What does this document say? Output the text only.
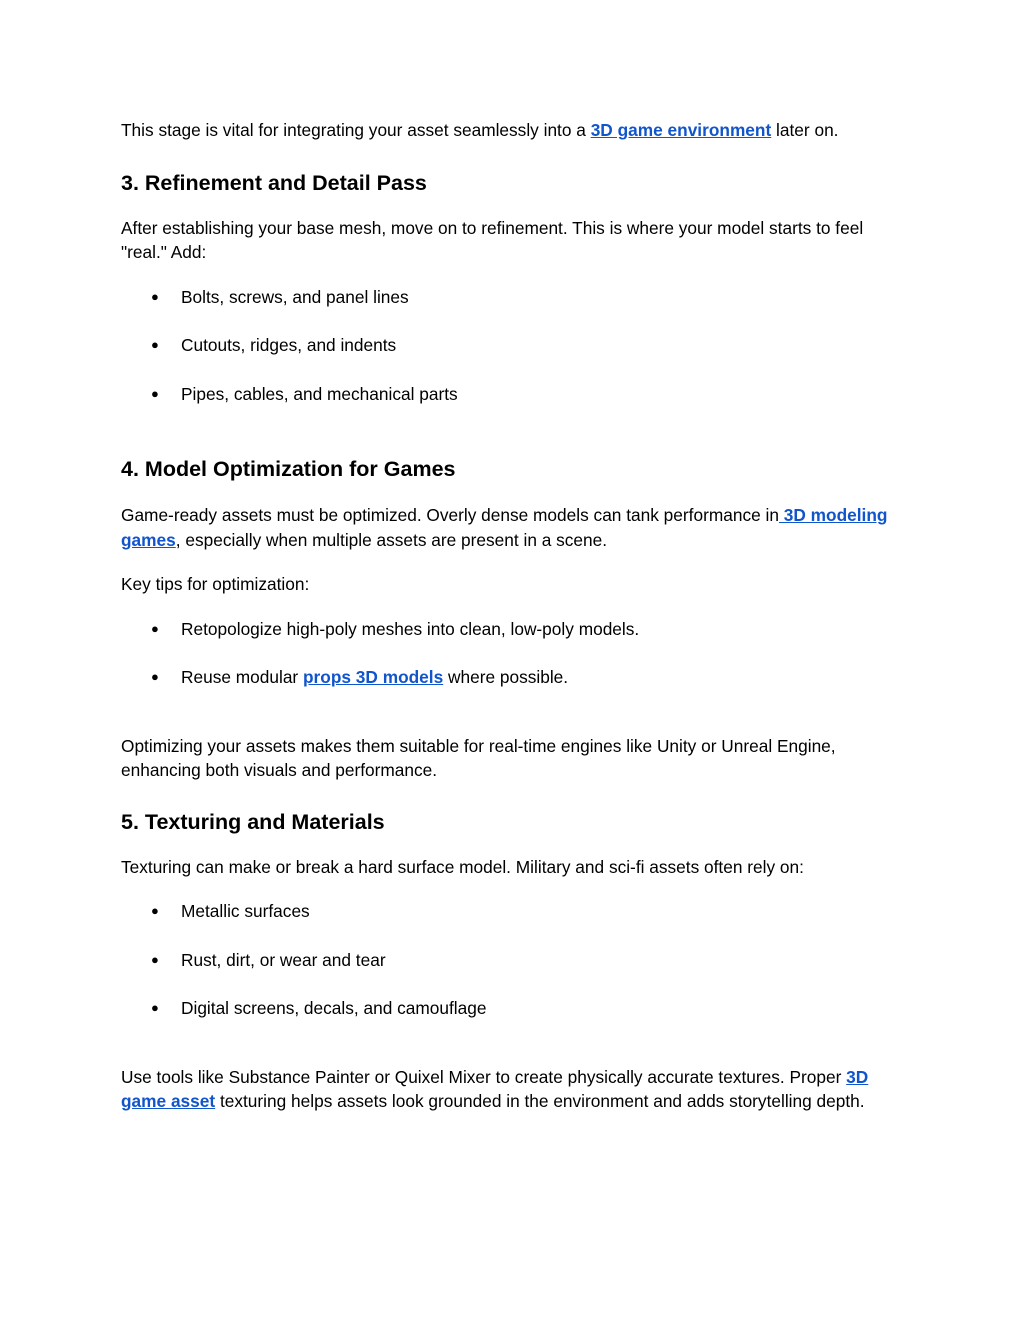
This stage is vital for integrating your asset seamlessly into a 3D game environment later on.

3. Refinement and Detail Pass

After establishing your base mesh, move on to refinement. This is where your model starts to feel "real." Add:

● Bolts, screws, and panel lines
● Cutouts, ridges, and indents
● Pipes, cables, and mechanical parts
4. Model Optimization for Games

Game-ready assets must be optimized. Overly dense models can tank performance in 3D modeling games, especially when multiple assets are present in a scene.

Key tips for optimization:

● Retopologize high-poly meshes into clean, low-poly models.
● Reuse modular props 3D models where possible.

Optimizing your assets makes them suitable for real-time engines like Unity or Unreal Engine, enhancing both visuals and performance.

5. Texturing and Materials

Texturing can make or break a hard surface model. Military and sci-fi assets often rely on:

● Metallic surfaces
● Rust, dirt, or wear and tear
● Digital screens, decals, and camouflage

Use tools like Substance Painter or Quixel Mixer to create physically accurate textures. Proper 3D game asset texturing helps assets look grounded in the environment and adds storytelling depth.
